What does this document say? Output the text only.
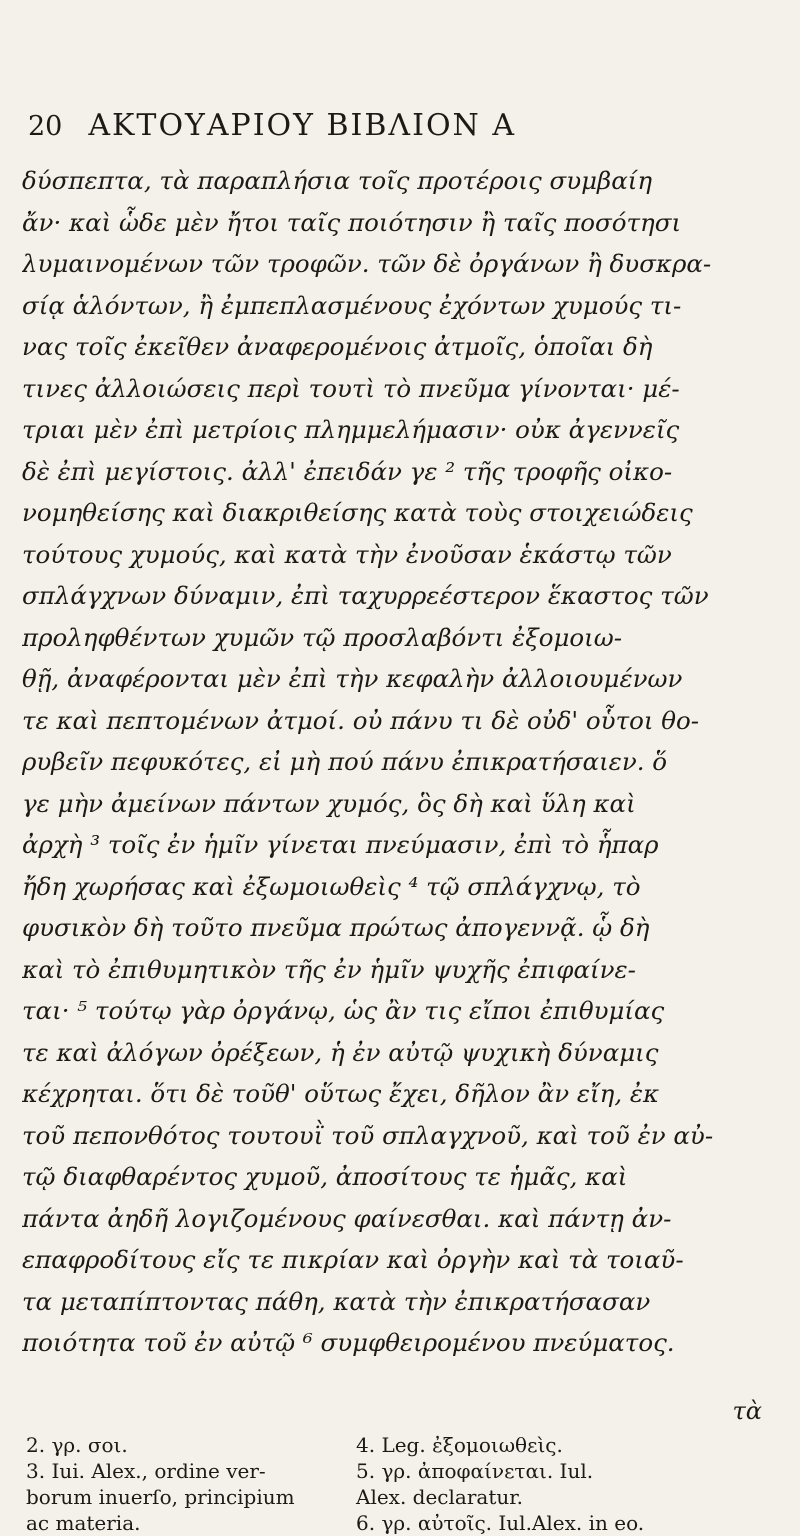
20 ΑΚΤΟΥΑΡΙΟΥ ΒΙΒΛΙΟΝ Α
δύσπεπτα, τὰ παραπλήσια τοῖς προτέροις συμβαίη
ἄν· καὶ ὧδε μὲν ἤτοι ταῖς ποιότησιν ἢ ταῖς ποσότησι
λυμαινομένων τῶν τροφῶν. τῶν δὲ ὀργάνων ἢ δυσκρα-
σίᾳ ἁλόντων, ἢ ἐμπεπλασμένους ἐχόντων χυμούς τι-
νας τοῖς ἐκεῖθεν ἀναφερομένοις ἀτμοῖς, ὁποῖαι δὴ
τινες ἀλλοιώσεις περὶ τουτὶ τὸ πνεῦμα γίνονται· μέ-
τριαι μὲν ἐπὶ μετρίοις πλημμελήμασιν· οὐκ ἀγεννεῖς
δὲ ἐπὶ μεγίστοις. ἀλλ' ἐπειδάν γε ² τῆς τροφῆς οἰκο-
νομηθείσης καὶ διακριθείσης κατὰ τοὺς στοιχειώδεις
τούτους χυμούς, καὶ κατὰ τὴν ἐνοῦσαν ἑκάστῳ τῶν
σπλάγχνων δύναμιν, ἐπὶ ταχυρρεέστερον ἕκαστος τῶν
προληφθέντων χυμῶν τῷ προσλαβόντι ἐξομοιω-
θῇ, ἀναφέρονται μὲν ἐπὶ τὴν κεφαλὴν ἀλλοιουμένων
τε καὶ πεπτομένων ἀτμοί. οὐ πάνυ τι δὲ οὐδ' οὗτοι θο-
ρυβεῖν πεφυκότες, εἰ μὴ πού πάνυ ἐπικρατήσαιεν. ὅ
γε μὴν ἀμείνων πάντων χυμός, ὃς δὴ καὶ ὕλη καὶ
ἀρχὴ ³ τοῖς ἐν ἡμῖν γίνεται πνεύμασιν, ἐπὶ τὸ ἧπαρ
ἤδη χωρήσας καὶ ἐξωμοιωθεὶς ⁴ τῷ σπλάγχνῳ, τὸ
φυσικὸν δὴ τοῦτο πνεῦμα πρώτως ἀπογεννᾷ. ᾧ δὴ
καὶ τὸ ἐπιθυμητικὸν τῆς ἐν ἡμῖν ψυχῆς ἐπιφαίνε-
ται· ⁵ τούτῳ γὰρ ὀργάνῳ, ὡς ἂν τις εἴποι ἐπιθυμίας
τε καὶ ἀλόγων ὀρέξεων, ἡ ἐν αὐτῷ ψυχικὴ δύναμις
κέχρηται. ὅτι δὲ τοῦθ' οὕτως ἔχει, δῆλον ἂν εἴη, ἐκ
τοῦ πεπονθότος τουτουῒ τοῦ σπλαγχνοῦ, καὶ τοῦ ἐν αὐ-
τῷ διαφθαρέντος χυμοῦ, ἀποσίτους τε ἡμᾶς, καὶ
πάντα ἀηδῆ λογιζομένους φαίνεσθαι. καὶ πάντῃ ἀν-
επαφροδίτους εἴς τε πικρίαν καὶ ὀργὴν καὶ τὰ τοιαῦ-
τα μεταπίπτοντας πάθη, κατὰ τὴν ἐπικρατήσασαν
ποιότητα τοῦ ἐν αὐτῷ ⁶ συμφθειρομένου πνεύματος.
τὰ
2. γρ. σοι.
3. Iui. Alex., ordine ver-
borum inuerſo, principium
ac materia.
4. Leg. ἐξομοιωθεὶς.
5. γρ. ἀποφαίνεται. Iul.
Alex. declaratur.
6. γρ. αὐτοῖς. Iul.Alex. in eo.
